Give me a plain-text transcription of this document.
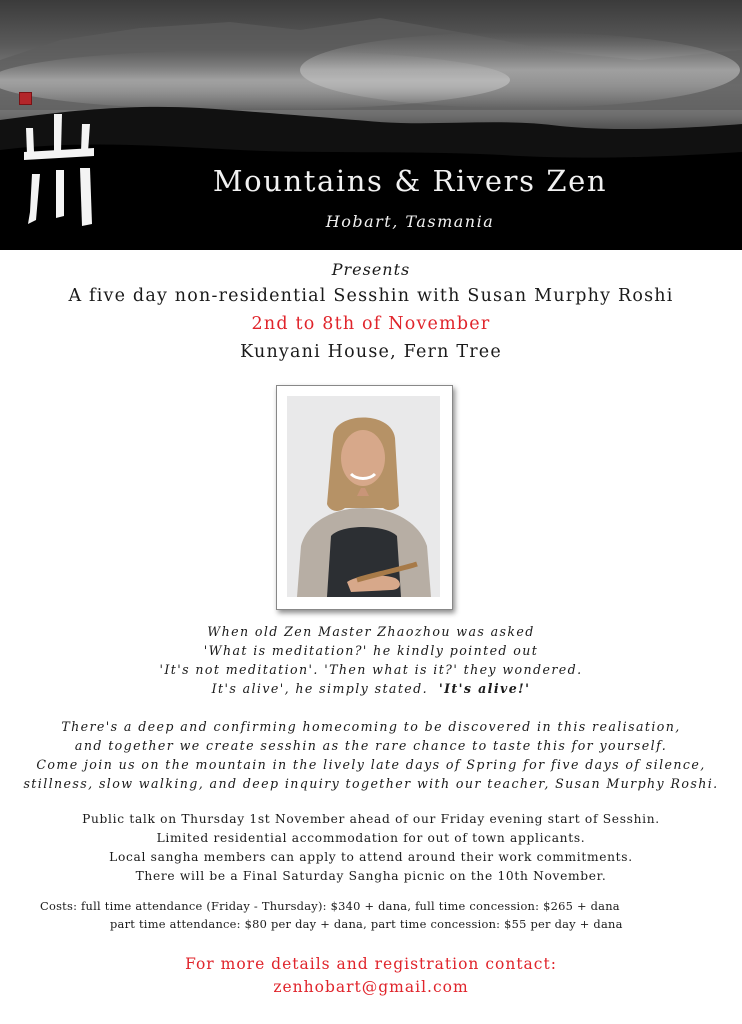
Mountains & Rivers Zen
Hobart, Tasmania
Presents
A five day non-residential Sesshin with Susan Murphy Roshi
2nd to 8th of November
Kunyani House, Fern Tree
When old Zen Master Zhaozhou was asked
'What is meditation?' he kindly pointed out
'It's not meditation'. 'Then what is it?' they wondered.
It's alive', he simply stated. 'It's alive!'
There's a deep and confirming homecoming to be discovered in this realisation,
and together we create sesshin as the rare chance to taste this for yourself.
Come join us on the mountain in the lively late days of Spring for five days of silence,
stillness, slow walking, and deep inquiry together with our teacher, Susan Murphy Roshi.
Public talk on Thursday 1st November ahead of our Friday evening start of Sesshin.
Limited residential accommodation for out of town applicants.
Local sangha members can apply to attend around their work commitments.
There will be a Final Saturday Sangha picnic on the 10th November.
Costs: full time attendance (Friday - Thursday): $340 + dana, full time concession: $265 + dana
part time attendance: $80 per day + dana, part time concession: $55 per day + dana
For more details and registration contact:
zenhobart@gmail.com
